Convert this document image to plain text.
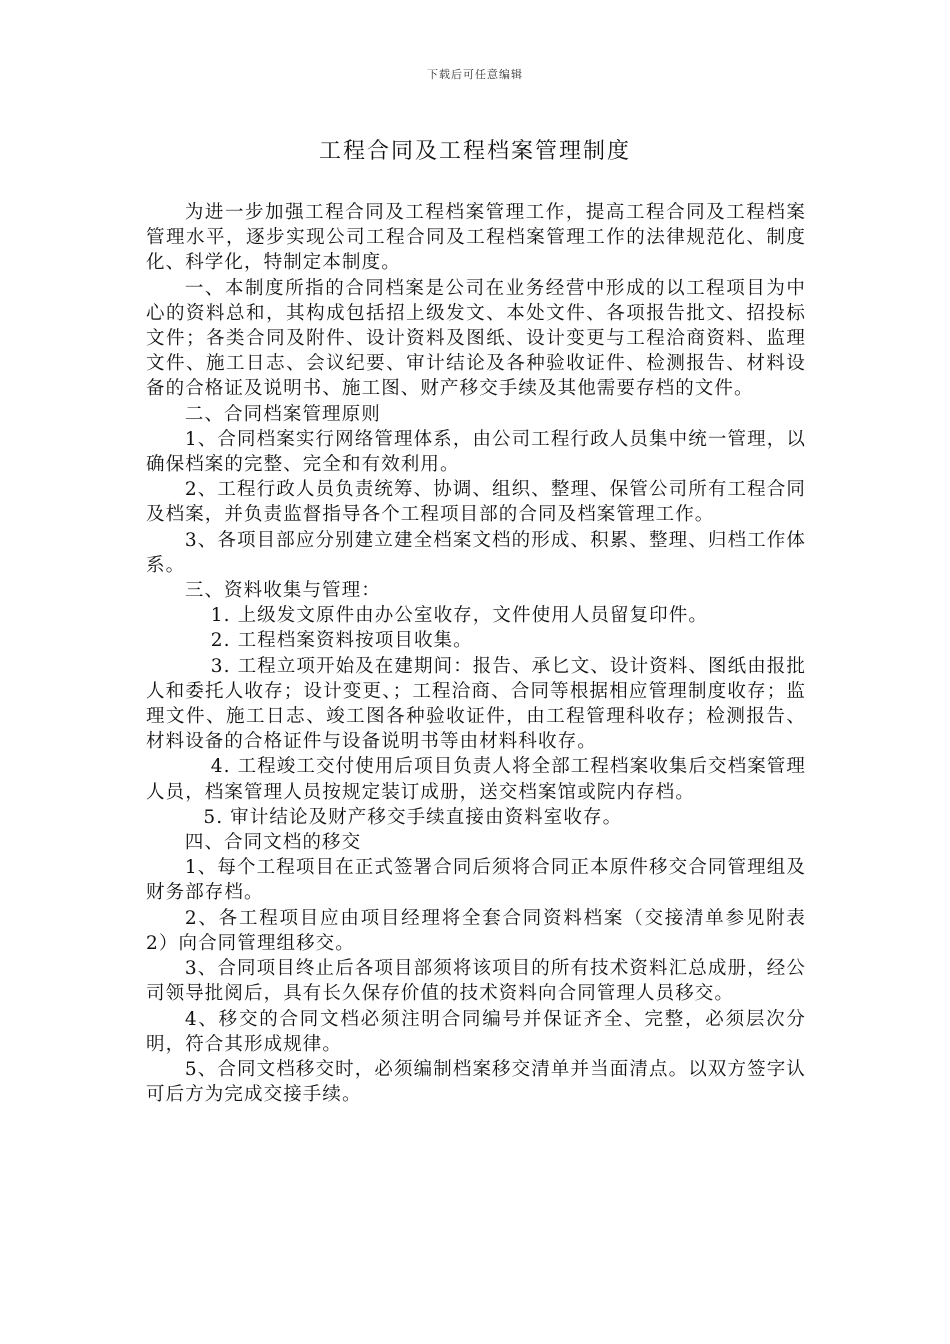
下载后可任意编辑
工程合同及工程档案管理制度

为进一步加强工程合同及工程档案管理工作，提高工程合同及工程档案管理水平，逐步实现公司工程合同及工程档案管理工作的法律规范化、制度化、科学化，特制定本制度。

一、本制度所指的合同档案是公司在业务经营中形成的以工程项目为中心的资料总和，其构成包括招上级发文、本处文件、各项报告批文、招投标文件；各类合同及附件、设计资料及图纸、设计变更与工程洽商资料、监理文件、施工日志、会议纪要、审计结论及各种验收证件、检测报告、材料设备的合格证及说明书、施工图、财产移交手续及其他需要存档的文件。

二、合同档案管理原则

1、合同档案实行网络管理体系，由公司工程行政人员集中统一管理，以确保档案的完整、完全和有效利用。

2、工程行政人员负责统筹、协调、组织、整理、保管公司所有工程合同及档案，并负责监督指导各个工程项目部的合同及档案管理工作。

3、各项目部应分别建立建全档案文档的形成、积累、整理、归档工作体系。

三、资料收集与管理：

1. 上级发文原件由办公室收存，文件使用人员留复印件。

2. 工程档案资料按项目收集。

3. 工程立项开始及在建期间：报告、承匕文、设计资料、图纸由报批人和委托人收存；设计变更、；工程洽商、合同等根据相应管理制度收存；监理文件、施工日志、竣工图各种验收证件，由工程管理科收存；检测报告、材料设备的合格证件与设备说明书等由材料科收存。

4. 工程竣工交付使用后项目负责人将全部工程档案收集后交档案管理人员，档案管理人员按规定装订成册，送交档案馆或院内存档。

5. 审计结论及财产移交手续直接由资料室收存。

四、合同文档的移交

1、每个工程项目在正式签署合同后须将合同正本原件移交合同管理组及财务部存档。

2、各工程项目应由项目经理将全套合同资料档案（交接清单参见附表2）向合同管理组移交。

3、合同项目终止后各项目部须将该项目的所有技术资料汇总成册，经公司领导批阅后，具有长久保存价值的技术资料向合同管理人员移交。

4、移交的合同文档必须注明合同编号并保证齐全、完整，必须层次分明，符合其形成规律。

5、合同文档移交时，必须编制档案移交清单并当面清点。以双方签字认可后方为完成交接手续。
